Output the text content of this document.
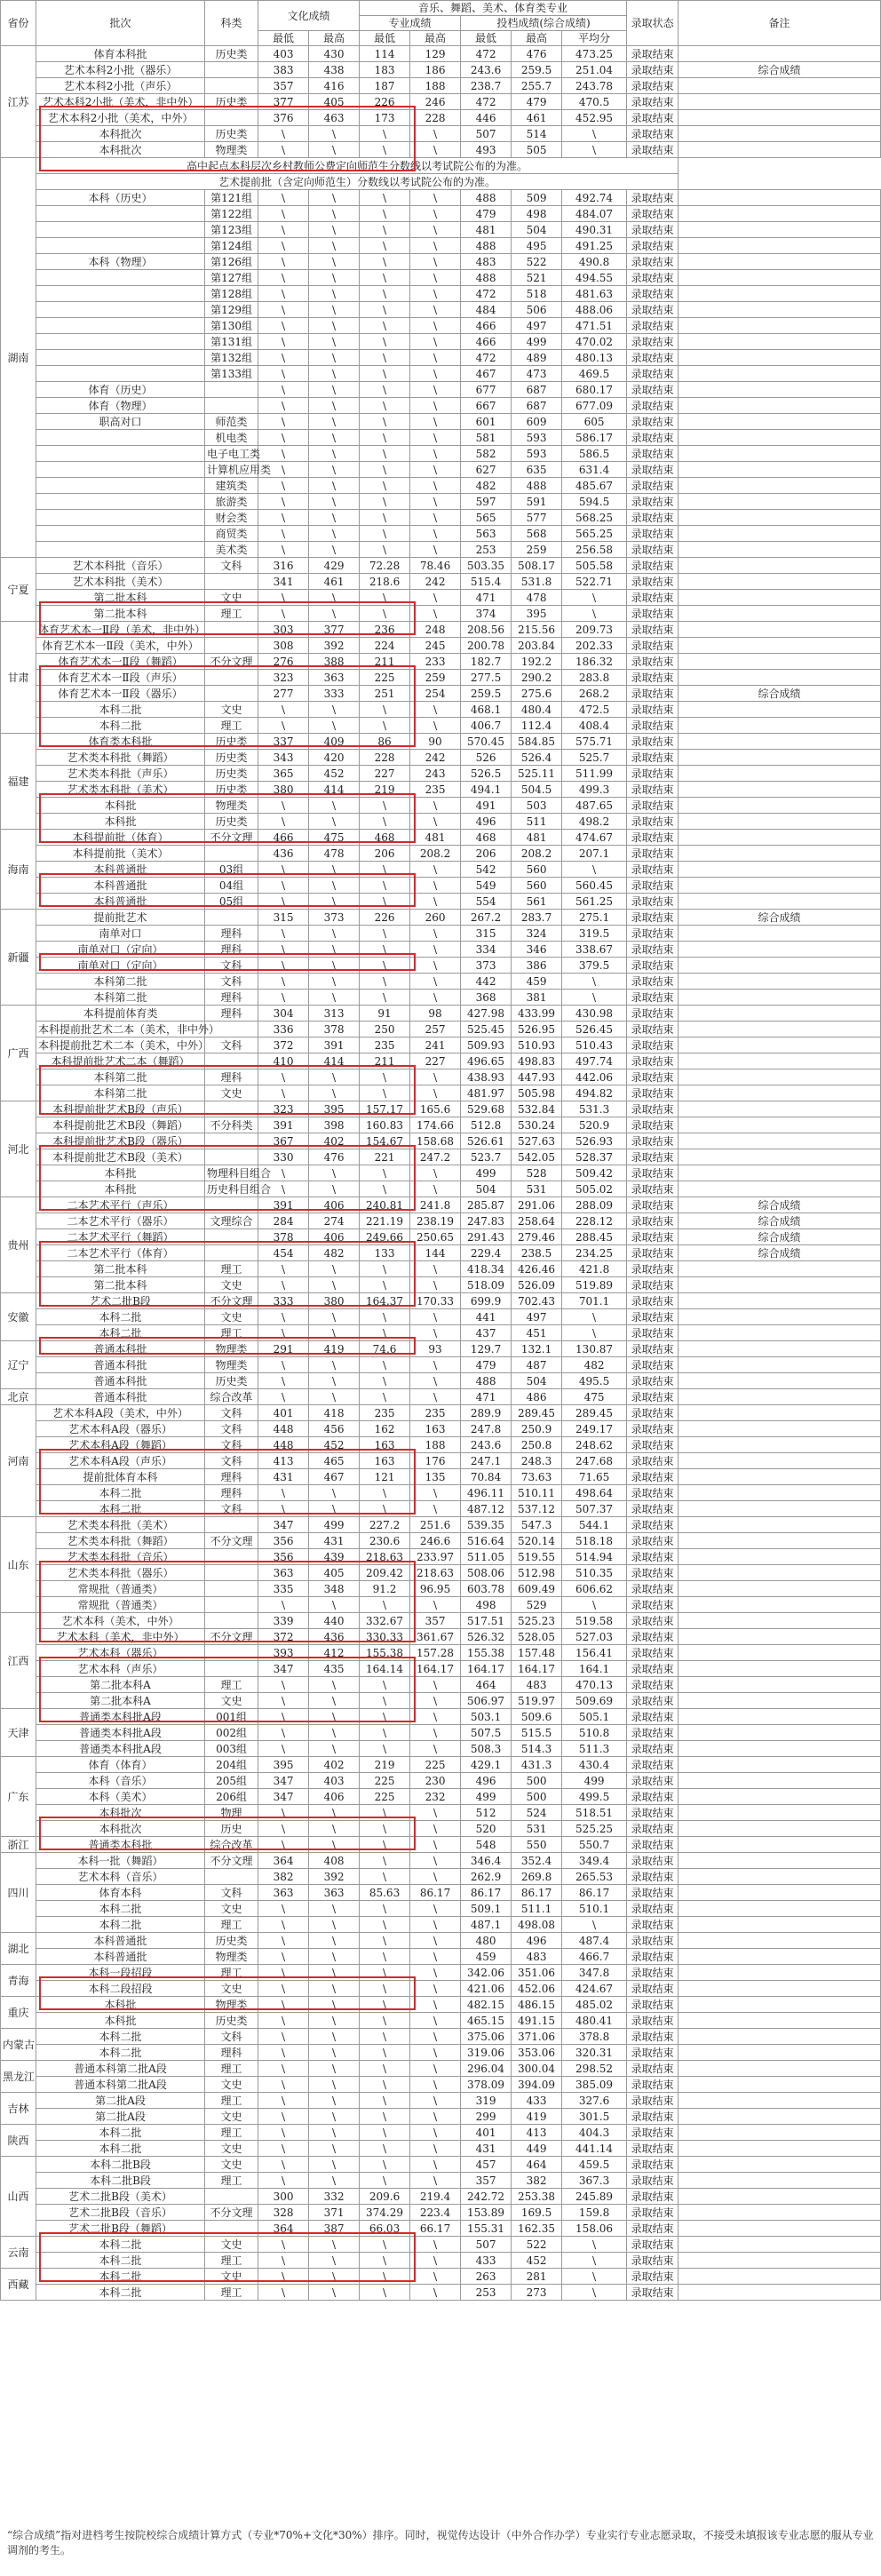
省份	批次	科类	文化成绩		音乐、舞蹈、美术、体育类专业					录取状态	备注
					专业成绩		投档成绩(综合成绩)				
			最低	最高	最低	最高	最低	最高	平均分		
江苏	体育本科批	历史类	403	430	114	129	472	476	473.25	录取结束	
	艺术本科2小批（器乐）		383	438	183	186	243.6	259.5	251.04	录取结束	综合成绩
	艺术本科2小批（声乐）		357	416	187	188	238.7	255.7	243.78	录取结束	
	艺术本科2小批（美术，非中外）	历史类	377	405	226	246	472	479	470.5	录取结束	
	艺术本科2小批（美术，中外）		376	463	173	228	446	461	452.95	录取结束	
	本科批次	历史类	\	\	\	\	507	514	\	录取结束	
	本科批次	物理类	\	\	\	\	493	505	\	录取结束	
湖南	高中起点本科层次乡村教师公费定向师范生分数线以考试院公布的为准。										
	艺术提前批（含定向师范生）分数线以考试院公布的为准。										
	本科（历史）	第121组	\	\	\	\	488	509	492.74	录取结束	
		第122组	\	\	\	\	479	498	484.07	录取结束	
		第123组	\	\	\	\	481	504	490.31	录取结束	
		第124组	\	\	\	\	488	495	491.25	录取结束	
	本科（物理）	第126组	\	\	\	\	483	522	490.8	录取结束	
		第127组	\	\	\	\	488	521	494.55	录取结束	
		第128组	\	\	\	\	472	518	481.63	录取结束	
		第129组	\	\	\	\	484	506	488.06	录取结束	
		第130组	\	\	\	\	466	497	471.51	录取结束	
		第131组	\	\	\	\	466	499	470.02	录取结束	
		第132组	\	\	\	\	472	489	480.13	录取结束	
		第133组	\	\	\	\	467	473	469.5	录取结束	
	体育（历史）		\	\	\	\	677	687	680.17	录取结束	
	体育（物理）		\	\	\	\	667	687	677.09	录取结束	
	职高对口	师范类	\	\	\	\	601	609	605	录取结束	
		机电类	\	\	\	\	581	593	586.17	录取结束	
		电子电工类	\	\	\	\	582	593	586.5	录取结束	
		计算机应用类	\	\	\	\	627	635	631.4	录取结束	
		建筑类	\	\	\	\	482	488	485.67	录取结束	
		旅游类	\	\	\	\	597	591	594.5	录取结束	
		财会类	\	\	\	\	565	577	568.25	录取结束	
		商贸类	\	\	\	\	563	568	565.25	录取结束	
		美术类	\	\	\	\	253	259	256.58	录取结束	
宁夏	艺术本科批（音乐）	文科	316	429	72.28	78.46	503.35	508.17	505.58	录取结束	
	艺术本科批（美术）		341	461	218.6	242	515.4	531.8	522.71	录取结束	
	第二批本科	文史	\	\	\	\	471	478	\	录取结束	
	第二批本科	理工	\	\	\	\	374	395	\	录取结束	
甘肃	体育艺术本一Ⅱ段（美术，非中外）		303	377	236	248	208.56	215.56	209.73	录取结束	
	体育艺术本一Ⅱ段（美术，中外）		308	392	224	245	200.78	203.84	202.33	录取结束	
	体育艺术本一Ⅱ段（舞蹈）	不分文理	276	388	211	233	182.7	192.2	186.32	录取结束	
	体育艺术本一Ⅱ段（声乐）		323	363	225	259	277.5	290.2	283.8	录取结束	
	体育艺术本一Ⅱ段（器乐）		277	333	251	254	259.5	275.6	268.2	录取结束	综合成绩
	本科二批	文史	\	\	\	\	468.1	480.4	472.5	录取结束	
	本科二批	理工	\	\	\	\	406.7	112.4	408.4	录取结束	
福建	体育类本科批	历史类	337	409	86	90	570.45	584.85	575.71	录取结束	
	艺术类本科批（舞蹈）	历史类	343	420	228	242	526	526.4	525.7	录取结束	
	艺术类本科批（声乐）	历史类	365	452	227	243	526.5	525.11	511.99	录取结束	
	艺术类本科批（美术）	历史类	380	414	219	235	494.1	504.5	499.3	录取结束	
	本科批	物理类	\	\	\	\	491	503	487.65	录取结束	
	本科批	历史类	\	\	\	\	496	511	498.2	录取结束	
海南	本科提前批（体育）	不分文理	466	475	468	481	468	481	474.67	录取结束	
	本科提前批（美术）		436	478	206	208.2	206	208.2	207.1	录取结束	
	本科普通批	03组	\	\	\	\	542	560	\	录取结束	
	本科普通批	04组	\	\	\	\	549	560	560.45	录取结束	
	本科普通批	05组	\	\	\	\	554	561	561.25	录取结束	
新疆	提前批艺术		315	373	226	260	267.2	283.7	275.1	录取结束	综合成绩
	南单对口	理科	\	\	\	\	315	324	319.5	录取结束	
	南单对口（定向）	理科	\	\	\	\	334	346	338.67	录取结束	
	南单对口（定向）	文科	\	\	\	\	373	386	379.5	录取结束	
	本科第二批	文科	\	\	\	\	442	459	\	录取结束	
	本科第二批	理科	\	\	\	\	368	381	\	录取结束	
广西	本科提前体育类	理科	304	313	91	98	427.98	433.99	430.98	录取结束	
	本科提前批艺术二本（美术，非中外）		336	378	250	257	525.45	526.95	526.45	录取结束	
	本科提前批艺术二本（美术，中外）	文科	372	391	235	241	509.93	510.93	510.43	录取结束	
	本科提前批艺术二本（舞蹈）		410	414	211	227	496.65	498.83	497.74	录取结束	
	本科第二批	理科	\	\	\	\	438.93	447.93	442.06	录取结束	
	本科第二批	文史	\	\	\	\	481.97	505.98	494.82	录取结束	
河北	本科提前批艺术B段（声乐）		323	395	157.17	165.6	529.68	532.84	531.3	录取结束	
	本科提前批艺术B段（舞蹈）	不分科类	391	398	160.83	174.66	512.8	530.24	520.9	录取结束	
	本科提前批艺术B段（器乐）		367	402	154.67	158.68	526.61	527.63	526.93	录取结束	
	本科提前批艺术B段（美术）		330	476	221	247.2	523.7	542.05	528.37	录取结束	
	本科批	物理科目组合	\	\	\	\	499	528	509.42	录取结束	
	本科批	历史科目组合	\	\	\	\	504	531	505.02	录取结束	
贵州	二本艺术平行（声乐）		391	406	240.81	241.8	285.87	291.06	288.09	录取结束	综合成绩
	二本艺术平行（器乐）	文理综合	284	274	221.19	238.19	247.83	258.64	228.12	录取结束	综合成绩
	二本艺术平行（舞蹈）		378	406	249.66	250.65	291.43	279.46	288.45	录取结束	综合成绩
	二本艺术平行（体育）		454	482	133	144	229.4	238.5	234.25	录取结束	综合成绩
	第二批本科	理工	\	\	\	\	418.34	426.46	421.8	录取结束	
	第二批本科	文史	\	\	\	\	518.09	526.09	519.89	录取结束	
安徽	艺术二批B段	不分文理	333	380	164.37	170.33	699.9	702.43	701.1	录取结束	
	本科二批	文史	\	\	\	\	441	497	\	录取结束	
	本科二批	理工	\	\	\	\	437	451	\	录取结束	
辽宁	普通本科批	物理类	291	419	74.6	93	129.7	132.1	130.87	录取结束	
	普通本科批	物理类	\	\	\	\	479	487	482	录取结束	
	普通本科批	历史类	\	\	\	\	488	504	495.5	录取结束	
北京	普通本科批	综合改革	\	\	\	\	471	486	475	录取结束	
河南	艺术本科A段（美术，中外）	文科	401	418	235	235	289.9	289.45	289.45	录取结束	
	艺术本科A段（器乐）	文科	448	456	162	163	247.8	250.9	249.17	录取结束	
	艺术本科A段（舞蹈）	文科	448	452	163	188	243.6	250.8	248.62	录取结束	
	艺术本科A段（声乐）	文科	413	465	163	176	247.1	248.3	247.68	录取结束	
	提前批体育本科	理科	431	467	121	135	70.84	73.63	71.65	录取结束	
	本科二批	理科	\	\	\	\	496.11	510.11	498.64	录取结束	
	本科二批	文科	\	\	\	\	487.12	537.12	507.37	录取结束	
山东	艺术类本科批（美术）		347	499	227.2	251.6	539.35	547.3	544.1	录取结束	
	艺术类本科批（舞蹈）	不分文理	356	431	230.6	246.6	516.64	520.14	518.18	录取结束	
	艺术类本科批（音乐）		356	439	218.63	233.97	511.05	519.55	514.94	录取结束	
	艺术类本科批（器乐）		363	405	209.42	218.63	508.06	512.98	510.35	录取结束	
	常规批（普通类）		335	348	91.2	96.95	603.78	609.49	606.62	录取结束	
	常规批（普通类）		\	\	\	\	498	529	\	录取结束	
江西	艺术本科（美术，中外）		339	440	332.67	357	517.51	525.23	519.58	录取结束	
	艺术本科（美术，非中外）	不分文理	372	436	330.33	361.67	526.32	528.05	527.03	录取结束	
	艺术本科（器乐）		393	412	155.38	157.28	155.38	157.48	156.41	录取结束	
	艺术本科（声乐）		347	435	164.14	164.17	164.17	164.17	164.1	录取结束	
	第二批本科A	理工	\	\	\	\	464	483	470.13	录取结束	
	第二批本科A	文史	\	\	\	\	506.97	519.97	509.69	录取结束	
天津	普通类本科批A段	001组	\	\	\	\	503.1	509.6	505.1	录取结束	
	普通类本科批A段	002组	\	\	\	\	507.5	515.5	510.8	录取结束	
	普通类本科批A段	003组	\	\	\	\	508.3	514.3	511.3	录取结束	
广东	体育（体育）	204组	395	402	219	225	429.1	431.3	430.4	录取结束	
	本科（音乐）	205组	347	403	225	230	496	500	499	录取结束	
	本科（美术）	206组	347	406	225	232	499	500	499.5	录取结束	
	本科批次	物理	\	\	\	\	512	524	518.51	录取结束	
	本科批次	历史	\	\	\	\	520	531	525.25	录取结束	
浙江	普通类本科批	综合改革	\	\	\	\	548	550	550.7	录取结束	
四川	本科一批（舞蹈）	不分文理	364	408	\	\	346.4	352.4	349.4	录取结束	
	艺术本科（音乐）		382	392	\	\	262.9	269.8	265.53	录取结束	
	体育本科	文科	363	363	85.63	86.17	86.17	86.17	86.17	录取结束	
	本科二批	文史	\	\	\	\	509.1	511.1	510.1	录取结束	
	本科二批	理工	\	\	\	\	487.1	498.08	\	录取结束	
湖北	本科普通批	历史类	\	\	\	\	480	496	487.4	录取结束	
	本科普通批	物理类	\	\	\	\	459	483	466.7	录取结束	
青海	本科一段招段	理工	\	\	\	\	342.06	351.06	347.8	录取结束	
	本科二段招段	文史	\	\	\	\	421.06	452.06	424.67	录取结束	
重庆	本科批	物理类	\	\	\	\	482.15	486.15	485.02	录取结束	
	本科批	历史类	\	\	\	\	465.15	491.15	480.41	录取结束	
内蒙古	本科二批	文科	\	\	\	\	375.06	371.06	378.8	录取结束	
	本科二批	理科	\	\	\	\	319.06	353.06	320.31	录取结束	
黑龙江	普通本科第二批A段	理工	\	\	\	\	296.04	300.04	298.52	录取结束	
	普通本科第二批A段	文史	\	\	\	\	378.09	394.09	385.09	录取结束	
吉林	第二批A段	理工	\	\	\	\	319	433	327.6	录取结束	
	第二批A段	文史	\	\	\	\	299	419	301.5	录取结束	
陕西	本科二批	理工	\	\	\	\	401	413	404.3	录取结束	
	本科二批	文史	\	\	\	\	431	449	441.14	录取结束	
山西	本科二批B段	文史	\	\	\	\	457	464	459.5	录取结束	
	本科二批B段	理工	\	\	\	\	357	382	367.3	录取结束	
	艺术二批B段（美术）		300	332	209.6	219.4	242.72	253.38	245.89	录取结束	
	艺术二批B段（音乐）	不分文理	328	371	374.29	223.4	153.89	169.5	159.8	录取结束	
	艺术二批B段（舞蹈）		364	387	66.03	66.17	155.31	162.35	158.06	录取结束	
云南	本科二批	文史	\	\	\	\	507	522	\	录取结束	
	本科二批	理工	\	\	\	\	433	452	\	录取结束	
西藏	本科二批	文史	\	\	\	\	263	281	\	录取结束	
	本科二批	理工	\	\	\	\	253	273	\	录取结束	
“综合成绩”指对进档考生按院校综合成绩计算方式（专业*70%+文化*30%）排序。同时，视觉传达设计（中外合作办学）专业实行专业志愿录取，不接受未填报该专业志愿的服从专业调剂的考生。
